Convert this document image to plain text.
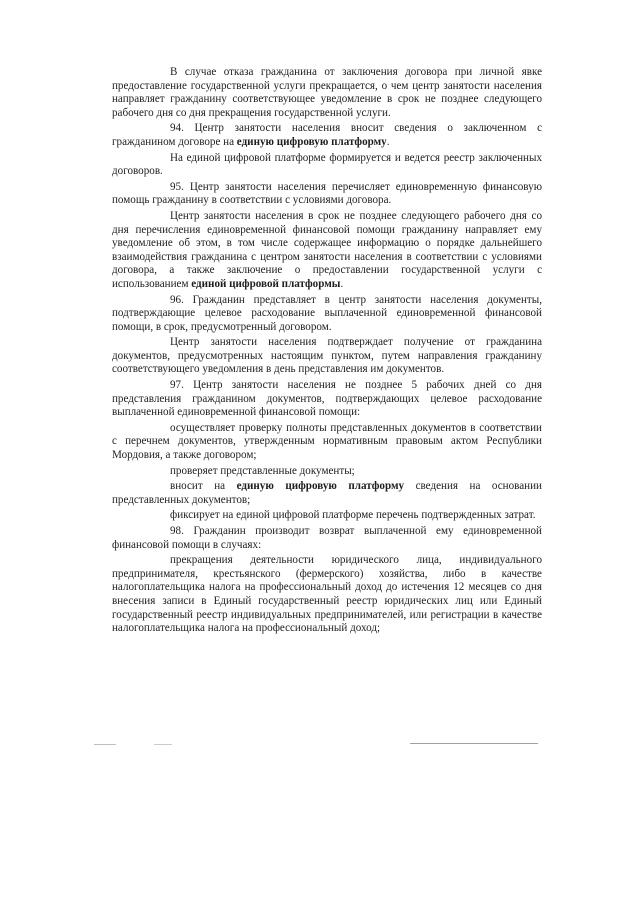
В случае отказа гражданина от заключения договора при личной явке предоставление государственной услуги прекращается, о чем центр занятости населения направляет гражданину соответствующее уведомление в срок не позднее следующего рабочего дня со дня прекращения государственной услуги.

94. Центр занятости населения вносит сведения о заключенном с гражданином договоре на единую цифровую платформу.

На единой цифровой платформе формируется и ведется реестр заключенных договоров.

95. Центр занятости населения перечисляет единовременную финансовую помощь гражданину в соответствии с условиями договора.

Центр занятости населения в срок не позднее следующего рабочего дня со дня перечисления единовременной финансовой помощи гражданину направляет ему уведомление об этом, в том числе содержащее информацию о порядке дальнейшего взаимодействия гражданина с центром занятости населения в соответствии с условиями договора, а также заключение о предоставлении государственной услуги с использованием единой цифровой платформы.

96. Гражданин представляет в центр занятости населения документы, подтверждающие целевое расходование выплаченной единовременной финансовой помощи, в срок, предусмотренный договором.

Центр занятости населения подтверждает получение от гражданина документов, предусмотренных настоящим пунктом, путем направления гражданину соответствующего уведомления в день представления им документов.

97. Центр занятости населения не позднее 5 рабочих дней со дня представления гражданином документов, подтверждающих целевое расходование выплаченной единовременной финансовой помощи:

осуществляет проверку полноты представленных документов в соответствии с перечнем документов, утвержденным нормативным правовым актом Республики Мордовия, а также договором;

проверяет представленные документы;

вносит на единую цифровую платформу сведения на основании представленных документов;

фиксирует на единой цифровой платформе перечень подтвержденных затрат.

98. Гражданин производит возврат выплаченной ему единовременной финансовой помощи в случаях:

прекращения деятельности юридического лица, индивидуального предпринимателя, крестьянского (фермерского) хозяйства, либо в качестве налогоплательщика налога на профессиональный доход до истечения 12 месяцев со дня внесения записи в Единый государственный реестр юридических лиц или Единый государственный реестр индивидуальных предпринимателей, или регистрации в качестве налогоплательщика налога на профессиональный доход;
